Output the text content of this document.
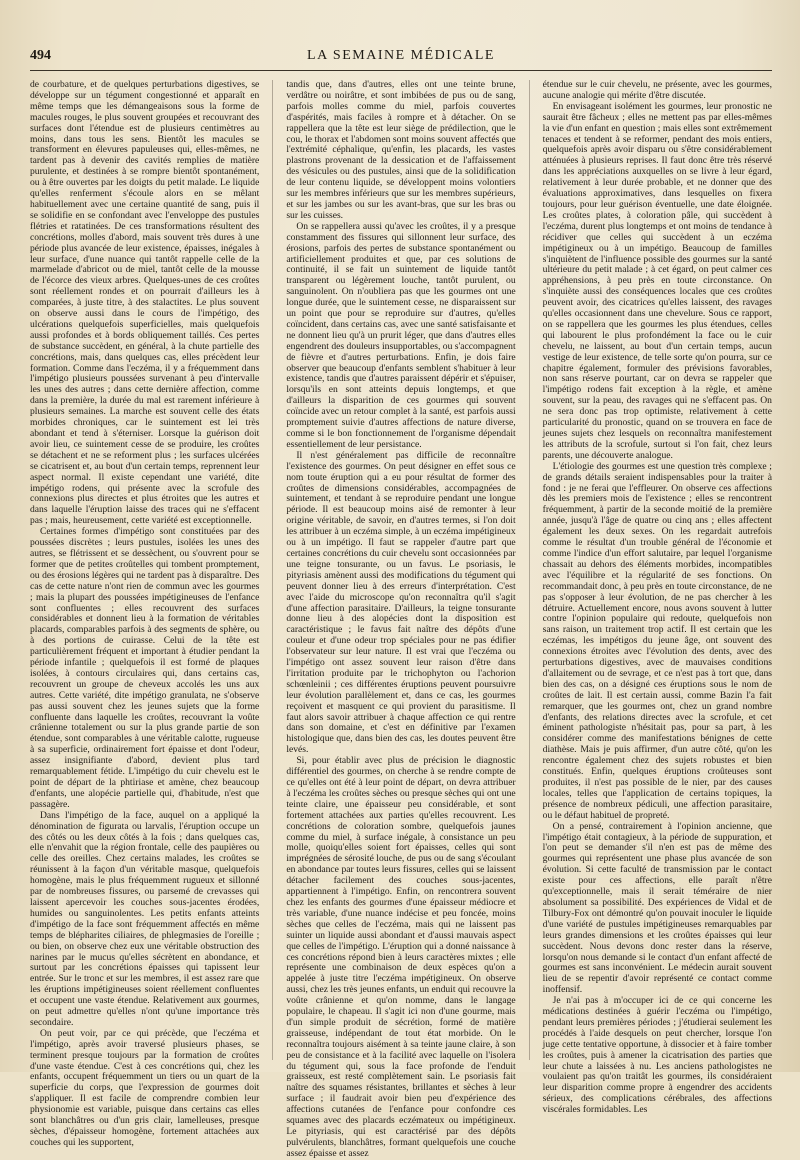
494	LA SEMAINE MÉDICALE

de courbature, et de quelques perturbations digestives, se développe sur un tégument congestionné et apparaît en même temps que les démangeaisons sous la forme de macules rouges, le plus souvent groupées et recouvrant des surfaces dont l'étendue est de plusieurs centimètres au moins, dans tous les sens. Bientôt les macules se transforment en élevures papuleuses qui, elles-mêmes, ne tardent pas à devenir des cavités remplies de matière purulente, et destinées à se rompre bientôt spontanément, ou à être ouvertes par les doigts du petit malade. Le liquide qu'elles renferment s'écoule alors en se mêlant habituellement avec une certaine quantité de sang, puis il se solidifie en se confondant avec l'enveloppe des pustules flétries et ratatinées. De ces transformations résultent des concrétions, molles d'abord, mais souvent très dures à une période plus avancée de leur existence, épaisses, inégales à leur surface, d'une nuance qui tantôt rappelle celle de la marmelade d'abricot ou de miel, tantôt celle de la mousse de l'écorce des vieux arbres. Quelques-unes de ces croûtes sont réellement rondes et on pourrait d'ailleurs les à comparées, à juste titre, à des stalactites. Le plus souvent on observe aussi dans le cours de l'impétigo, des ulcérations quelquefois superficielles, mais quelquefois aussi profondes et à bords obliquement taillés. Ces pertes de substance succèdent, en général, à la chute partielle des concrétions, mais, dans quelques cas, elles précèdent leur formation. Comme dans l'eczéma, il y a fréquemment dans l'impétigo plusieurs poussées survenant à peu d'intervalle les unes des autres ; dans cette dernière affection, comme dans la première, la durée du mal est rarement inférieure à plusieurs semaines. La marche est souvent celle des états morbides chroniques, car le suintement est lei très abondant et tend à s'éterniser. Lorsque la guérison doit avoir lieu, ce suintement cesse de se produire, les croûtes se détachent et ne se reforment plus ; les surfaces ulcérées se cicatrisent et, au bout d'un certain temps, reprennent leur aspect normal. Il existe cependant une variété, dite impétigo rodens, qui présente avec la scrofule des connexions plus directes et plus étroites que les autres et dans laquelle l'éruption laisse des traces qui ne s'effacent pas ; mais, heureusement, cette variété est exceptionnelle.

Certaines formes d'impétigo sont constituées par des poussées discrètes ; leurs pustules, isolées les unes des autres, se flétrissent et se dessèchent, ou s'ouvrent pour se former que de petites croûtelles qui tombent promptement, ou des érosions légères qui ne tardent pas à disparaître. Des cas de cette nature n'ont rien de commun avec les gourmes ; mais la plupart des poussées impétigineuses de l'enfance sont confluentes ; elles recouvrent des surfaces considérables et donnent lieu à la formation de véritables placards, comparables parfois à des segments de sphère, ou à des portions de cuirasse. Celui de la tête est particulièrement fréquent et important à étudier pendant la période infantile ; quelquefois il est formé de plaques isolées, à contours circulaires qui, dans certains cas, recouvrent un groupe de cheveux accolés les uns aux autres. Cette variété, dite impétigo granulata, ne s'observe pas aussi souvent chez les jeunes sujets que la forme confluente dans laquelle les croûtes, recouvrant la voûte crânienne totalement ou sur la plus grande partie de son étendue, sont comparables à une véritable calotte, rugueuse à sa superficie, ordinairement fort épaisse et dont l'odeur, assez insignifiante d'abord, devient plus tard remarquablement fétide. L'impétigo du cuir chevelu est le point de départ de la phtiriase et amène, chez beaucoup d'enfants, une alopécie partielle qui, d'habitude, n'est que passagère.

Dans l'impétigo de la face, auquel on a appliqué la dénomination de figurata ou larvalis, l'éruption occupe un des côtés ou les deux côtés à la fois ; dans quelques cas, elle n'envahit que la région frontale, celle des paupières ou celle des oreilles. Chez certains malades, les croûtes se réunissent à la façon d'un véritable masque, quelquefois homogène, mais le plus fréquemment rugueux et sillonné par de nombreuses fissures, ou parsemé de crevasses qui laissent apercevoir les couches sous-jacentes érodées, humides ou sanguinolentes. Les petits enfants atteints d'impétigo de la face sont fréquemment affectés en même temps de blépharites ciliaires, de phlegmasies de l'oreille ; ou bien, on observe chez eux une véritable obstruction des narines par le mucus qu'elles sécrètent en abondance, et surtout par les concrétions épaisses qui tapissent leur entrée. Sur le tronc et sur les membres, il est assez rare que les éruptions impétigineuses soient réellement confluentes et occupent une vaste étendue. Relativement aux gourmes, on peut admettre qu'elles n'ont qu'une importance très secondaire.

On peut voir, par ce qui précède, que l'eczéma et l'impétigo, après avoir traversé plusieurs phases, se terminent presque toujours par la formation de croûtes d'une vaste étendue. C'est à ces concrétions qui, chez les enfants, occupent fréquemment un tiers ou un quart de la superficie du corps, que l'expression de gourmes doit s'appliquer. Il est facile de comprendre combien leur physionomie est variable, puisque dans certains cas elles sont blanchâtres ou d'un gris clair, lamelleuses, presque sèches, d'épaisseur homogène, fortement attachées aux couches qui les supportent,

tandis que, dans d'autres, elles ont une teinte brune, verdâtre ou noirâtre, et sont imbibées de pus ou de sang, parfois molles comme du miel, parfois couvertes d'aspérités, mais faciles à rompre et à détacher. On se rappellera que la tête est leur siège de prédilection, que le cou, le thorax et l'abdomen sont moins souvent affectés que l'extrémité céphalique, qu'enfin, les placards, les vastes plastrons provenant de la dessication et de l'affaissement des vésicules ou des pustules, ainsi que de la solidification de leur contenu liquide, se développent moins volontiers sur les membres inférieurs que sur les membres supérieurs, et sur les jambes ou sur les avant-bras, que sur les bras ou sur les cuisses.

On se rappellera aussi qu'avec les croûtes, il y a presque constamment des fissures qui sillonnent leur surface, des érosions, parfois des pertes de substance spontanément ou artificiellement produites et que, par ces solutions de continuité, il se fait un suintement de liquide tantôt transparent ou légèrement louche, tantôt purulent, ou sanguinolent. On n'oubliera pas que les gourmes ont une longue durée, que le suintement cesse, ne disparaissent sur un point que pour se reproduire sur d'autres, qu'elles coïncident, dans certains cas, avec une santé satisfaisante et ne donnent lieu qu'à un prurit léger, que dans d'autres elles engendrent des douleurs insupportables, ou s'accompagnent de fièvre et d'autres perturbations. Enfin, je dois faire observer que beaucoup d'enfants semblent s'habituer à leur existence, tandis que d'autres paraissent dépérir et s'épuiser, lorsqu'ils en sont atteints depuis longtemps, et que d'ailleurs la disparition de ces gourmes qui souvent coïncide avec un retour complet à la santé, est parfois aussi promptement suivie d'autres affections de nature diverse, comme si le bon fonctionnement de l'organisme dépendait essentiellement de leur persistance.

Il n'est généralement pas difficile de reconnaître l'existence des gourmes. On peut désigner en effet sous ce nom toute éruption qui a eu pour résultat de former des croûtes de dimensions considérables, accompagnées de suintement, et tendant à se reproduire pendant une longue période. Il est beaucoup moins aisé de remonter à leur origine véritable, de savoir, en d'autres termes, si l'on doit les attribuer à un eczéma simple, à un eczéma impétigineux ou à un impétigo. Il faut se rappeler d'autre part que certaines concrétions du cuir chevelu sont occasionnées par une teigne tonsurante, ou un favus. Le psoriasis, le pityriasis amènent aussi des modifications du tégument qui peuvent donner lieu à des erreurs d'interprétation. C'est avec l'aide du microscope qu'on reconnaîtra qu'il s'agit d'une affection parasitaire. D'ailleurs, la teigne tonsurante donne lieu à des alopécies dont la disposition est caractéristique ; le favus fait naître des dépôts d'une couleur et d'une odeur trop spéciales pour ne pas édifier l'observateur sur leur nature. Il est vrai que l'eczéma ou l'impétigo ont assez souvent leur raison d'être dans l'irritation produite par le trichophyton ou l'achorion schœnleinii ; ces différentes éruptions peuvent poursuivre leur évolution parallèlement et, dans ce cas, les gourmes reçoivent et masquent ce qui provient du parasitisme. Il faut alors savoir attribuer à chaque affection ce qui rentre dans son domaine, et c'est en définitive par l'examen histologique que, dans bien des cas, les doutes peuvent être levés.

Si, pour établir avec plus de précision le diagnostic différentiel des gourmes, on cherche à se rendre compte de ce qu'elles ont été à leur point de départ, on devra attribuer à l'eczéma les croûtes sèches ou presque sèches qui ont une teinte claire, une épaisseur peu considérable, et sont fortement attachées aux parties qu'elles recouvrent. Les concrétions de coloration sombre, quelquefois jaunes comme du miel, à surface inégale, à consistance un peu molle, quoiqu'elles soient fort épaisses, celles qui sont imprégnées de sérosité louche, de pus ou de sang s'écoulant en abondance par toutes leurs fissures, celles qui se laissent détacher facilement des couches sous-jacentes, appartiennent à l'impétigo. Enfin, on rencontrera souvent chez les enfants des gourmes d'une épaisseur médiocre et très variable, d'une nuance indécise et peu foncée, moins sèches que celles de l'eczéma, mais qui ne laissent pas suinter un liquide aussi abondant et d'aussi mauvais aspect que celles de l'impétigo. L'éruption qui a donné naissance à ces concrétions répond bien à leurs caractères mixtes ; elle représente une combinaison de deux espèces qu'on a appelée à juste titre l'eczéma impétigineux. On observe aussi, chez les très jeunes enfants, un enduit qui recouvre la voûte crânienne et qu'on nomme, dans le langage populaire, le chapeau. Il s'agit ici non d'une gourme, mais d'un simple produit de sécrétion, formé de matière graisseuse, indépendant de tout état morbide. On le reconnaîtra toujours aisément à sa teinte jaune claire, à son peu de consistance et à la facilité avec laquelle on l'isolera du tégument qui, sous la face profonde de l'enduit graisseux, est resté complètement sain. Le psoriasis fait naître des squames résistantes, brillantes et sèches à leur surface ; il faudrait avoir bien peu d'expérience des affections cutanées de l'enfance pour confondre ces squames avec des placards eczémateux ou impétigineux. Le pityriasis, qui est caractérisé par des dépôts pulvérulents, blanchâtres, formant quelquefois une couche assez épaisse et assez

étendue sur le cuir chevelu, ne présente, avec les gourmes, aucune analogie qui mérite d'être discutée.

En envisageant isolément les gourmes, leur pronostic ne saurait être fâcheux ; elles ne mettent pas par elles-mêmes la vie d'un enfant en question ; mais elles sont extrêmement tenaces et tendent à se reformer, pendant des mois entiers, quelquefois après avoir disparu ou s'être considérablement atténuées à plusieurs reprises. Il faut donc être très réservé dans les appréciations auxquelles on se livre à leur égard, relativement à leur durée probable, et ne donner que des évaluations approximatives, dans lesquelles on fixera toujours, pour leur guérison éventuelle, une date éloignée. Les croûtes plates, à coloration pâle, qui succèdent à l'eczéma, durent plus longtemps et ont moins de tendance à récidiver que celles qui succèdent à un eczéma impétigineux ou à un impétigo. Beaucoup de familles s'inquiètent de l'influence possible des gourmes sur la santé ultérieure du petit malade ; à cet égard, on peut calmer ces appréhensions, à peu près en toute circonstance. On s'inquiète aussi des conséquences locales que ces croûtes peuvent avoir, des cicatrices qu'elles laissent, des ravages qu'elles occasionnent dans une chevelure. Sous ce rapport, on se rappellera que les gourmes les plus étendues, celles qui labourent le plus profondément la face ou le cuir chevelu, ne laissent, au bout d'un certain temps, aucun vestige de leur existence, de telle sorte qu'on pourra, sur ce chapitre également, formuler des prévisions favorables, non sans réserve pourtant, car on devra se rappeler que l'impétigo rodens fait exception à la règle, et amène souvent, sur la peau, des ravages qui ne s'effacent pas. On ne sera donc pas trop optimiste, relativement à cette particularité du pronostic, quand on se trouvera en face de jeunes sujets chez lesquels on reconnaîtra manifestement les attributs de la scrofule, surtout si l'on fait, chez leurs parents, une découverte analogue.

L'étiologie des gourmes est une question très complexe ; de grands détails seraient indispensables pour la traiter à fond : je ne ferai que l'effleurer. On observe ces affections dès les premiers mois de l'existence ; elles se rencontrent fréquemment, à partir de la seconde moitié de la première année, jusqu'à l'âge de quatre ou cinq ans ; elles affectent également les deux sexes. On les regardait autrefois comme le résultat d'un trouble général de l'économie et comme l'indice d'un effort salutaire, par lequel l'organisme chassait au dehors des éléments morbides, incompatibles avec l'équilibre et la régularité de ses fonctions. On recommandait donc, à peu près en toute circonstance, de ne pas s'opposer à leur évolution, de ne pas chercher à les détruire. Actuellement encore, nous avons souvent à lutter contre l'opinion populaire qui redoute, quelquefois non sans raison, un traitement trop actif. Il est certain que les eczémas, les impétigos du jeune âge, ont souvent des connexions étroites avec l'évolution des dents, avec des perturbations digestives, avec de mauvaises conditions d'allaitement ou de sevrage, et ce n'est pas à tort que, dans bien des cas, on a désigné ces éruptions sous le nom de croûtes de lait. Il est certain aussi, comme Bazin l'a fait remarquer, que les gourmes ont, chez un grand nombre d'enfants, des relations directes avec la scrofule, et cet éminent pathologiste n'hésitait pas, pour sa part, à les considérer comme des manifestations bénignes de cette diathèse. Mais je puis affirmer, d'un autre côté, qu'on les rencontre également chez des sujets robustes et bien constitués. Enfin, quelques éruptions croûteuses sont produites, il n'est pas possible de le nier, par des causes locales, telles que l'application de certains topiques, la présence de nombreux pédiculi, une affection parasitaire, ou le défaut habituel de propreté.

On a pensé, contrairement à l'opinion ancienne, que l'impétigo était contagieux, à la période de suppuration, et l'on peut se demander s'il n'en est pas de même des gourmes qui représentent une phase plus avancée de son évolution. Si cette faculté de transmission par le contact existe pour ces affections, elle paraît n'être qu'exceptionnelle, mais il serait téméraire de nier absolument sa possibilité. Des expériences de Vidal et de Tilbury-Fox ont démontré qu'on pouvait inoculer le liquide d'une variété de pustules impétigineuses remarquables par leurs grandes dimensions et les croûtes épaisses qui leur succèdent. Nous devons donc rester dans la réserve, lorsqu'on nous demande si le contact d'un enfant affecté de gourmes est sans inconvénient. Le médecin aurait souvent lieu de se repentir d'avoir représenté ce contact comme inoffensif.

Je n'ai pas à m'occuper ici de ce qui concerne les médications destinées à guérir l'eczéma ou l'impétigo, pendant leurs premières périodes ; j'étudierai seulement les procédés à l'aide desquels on peut chercher, lorsque l'on juge cette tentative opportune, à dissocier et à faire tomber les croûtes, puis à amener la cicatrisation des parties que leur chute a laissées à nu. Les anciens pathologistes ne voulaient pas qu'on traitât les gourmes, ils considéraient leur disparition comme propre à engendrer des accidents sérieux, des complications cérébrales, des affections viscérales formidables. Les
